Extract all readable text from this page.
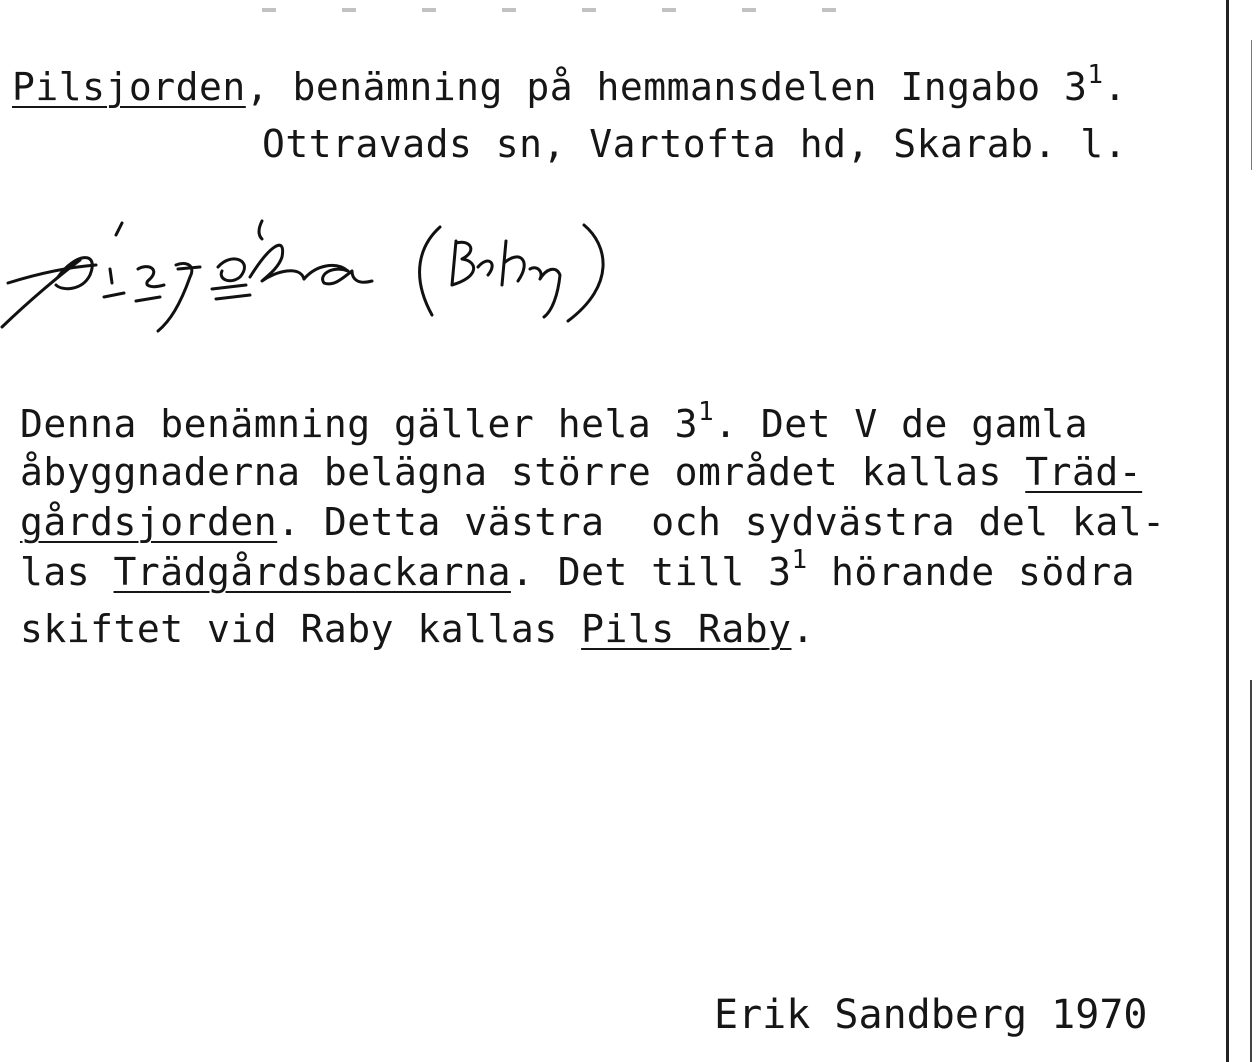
Pilsjorden, benämning på hemmansdelen Ingabo $3^1$.
Ottravads sn, Vartofta hd, Skarab. l.
pi:sjo:ra (Raby)
Denna benämning gäller hela $3^1$. Det V de gamla
åbyggnaderna belägna större området kallas Träd-
gårdsjorden. Detta västra  och sydvästra del kal-
las Trädgårdsbackarna. Det till $3^1$ hörande södra
skiftet vid Raby kallas Pils Raby.
Erik Sandberg 1970
